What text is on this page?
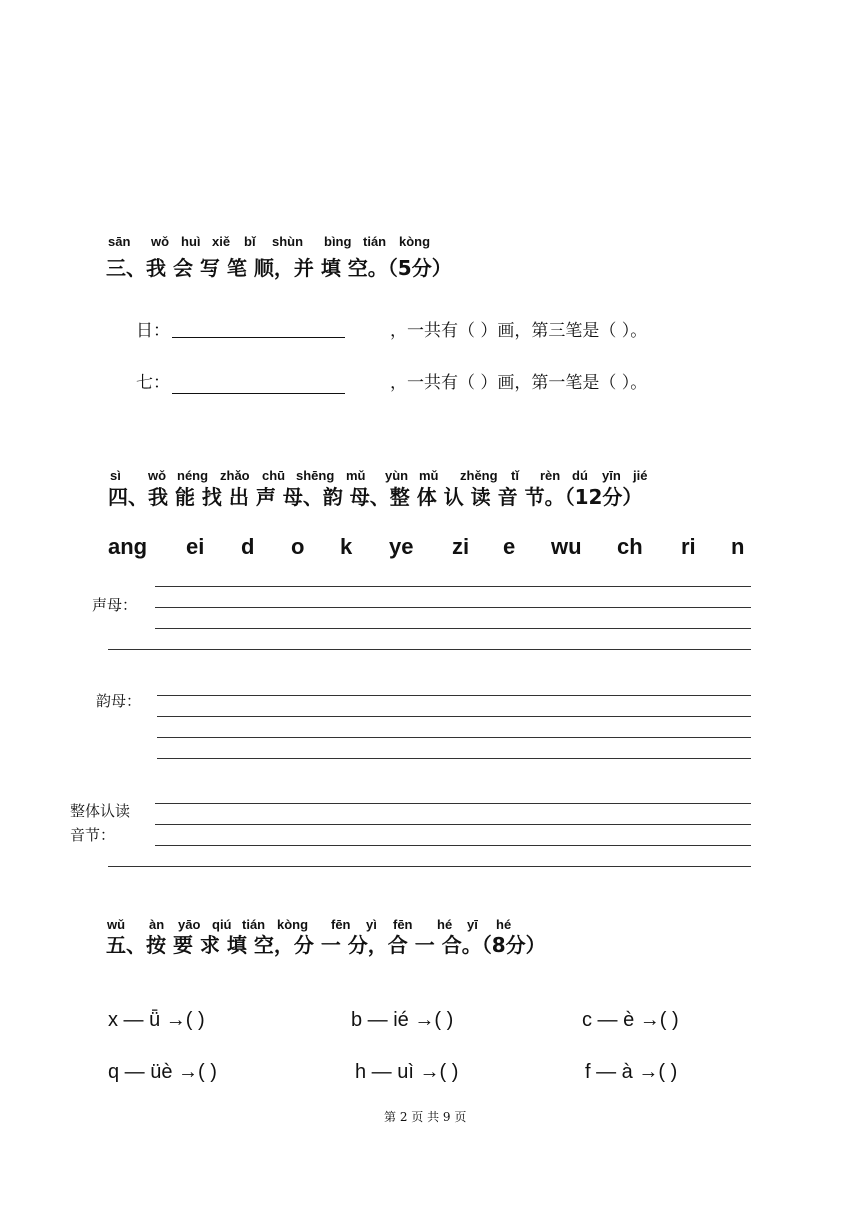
sān wǒ huì xiě bǐ shùn bìng tián kòng
三、我 会 写 笔 顺，并 填 空。（5分）
日：	，一共有（ ）画，第三笔是（ ）。
七：	，一共有（ ）画，第一笔是（ ）。
sì wǒ néng zhǎo chū shēng mǔ yùn mǔ zhěng tǐ rèn dú yīn jié
四、我 能 找 出 声 母、韵 母、整 体 认 读 音 节。（12分）
ang ei d o k ye zi e wu ch ri n
声母：
韵母：
整体认读
音节：
wǔ àn yāo qiú tián kòng fēn yì fēn hé yī hé
五、按 要 求 填 空，分 一 分，合 一 合。（8分）
x — ǖ →( )	b — ié →( )	c — è →( )
q — üè →( )	h — uì →( )	f — à →( )
第 2 页 共 9 页
